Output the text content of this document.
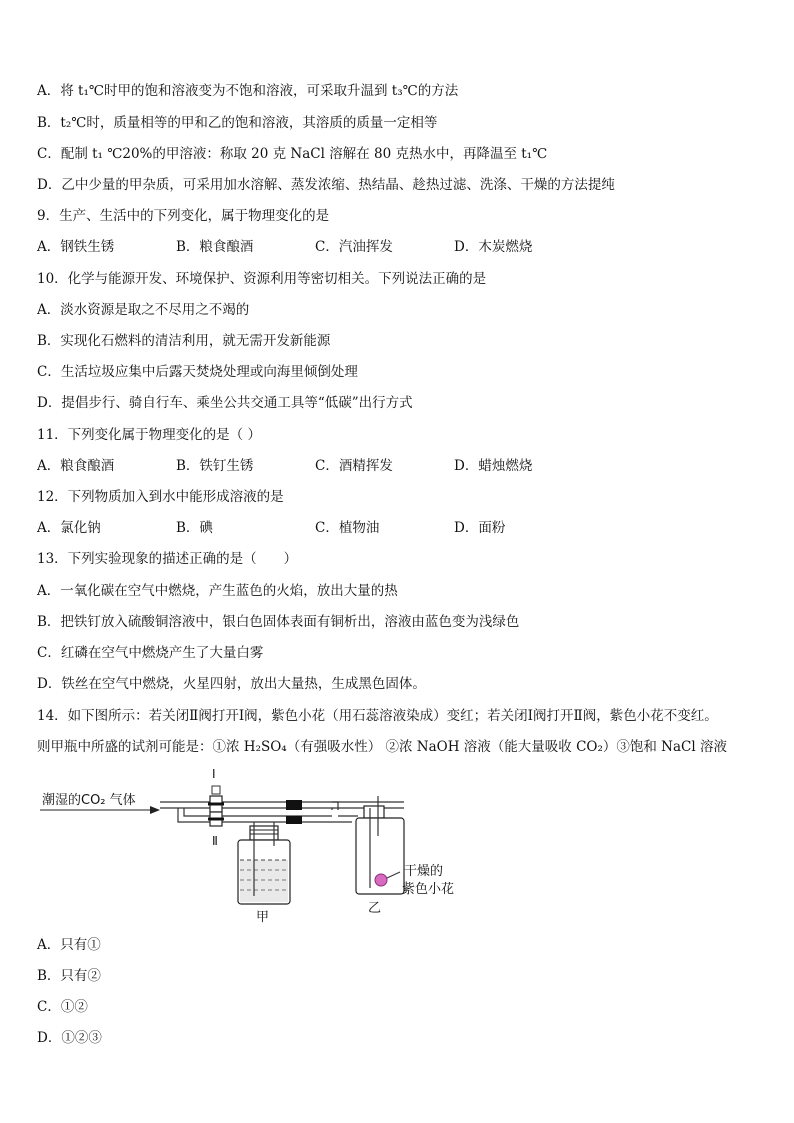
A．将 t₁℃时甲的饱和溶液变为不饱和溶液，可采取升温到 t₃℃的方法
B．t₂℃时，质量相等的甲和乙的饱和溶液，其溶质的质量一定相等
C．配制 t₁ ℃20%的甲溶液：称取 20 克 NaCl 溶解在 80 克热水中，再降温至 t₁℃
D．乙中少量的甲杂质，可采用加水溶解、蒸发浓缩、热结晶、趁热过滤、洗涤、干燥的方法提纯
9．生产、生活中的下列变化，属于物理变化的是
A．钢铁生锈	B．粮食酿酒	C．汽油挥发	D．木炭燃烧
10．化学与能源开发、环境保护、资源利用等密切相关。下列说法正确的是
A．淡水资源是取之不尽用之不竭的
B．实现化石燃料的清洁利用，就无需开发新能源
C．生活垃圾应集中后露天焚烧处理或向海里倾倒处理
D．提倡步行、骑自行车、乘坐公共交通工具等“低碳”出行方式
11．下列变化属于物理变化的是（ ）
A．粮食酿酒	B．铁钉生锈	C．酒精挥发	D．蜡烛燃烧
12．下列物质加入到水中能形成溶液的是
A．氯化钠	B．碘	C．植物油	D．面粉
13．下列实验现象的描述正确的是（　　）
A．一氧化碳在空气中燃烧，产生蓝色的火焰，放出大量的热
B．把铁钉放入硫酸铜溶液中，银白色固体表面有铜析出，溶液由蓝色变为浅绿色
C．红磷在空气中燃烧产生了大量白雾
D．铁丝在空气中燃烧，火星四射，放出大量热，生成黑色固体。
14．如下图所示：若关闭Ⅱ阀打开Ⅰ阀，紫色小花（用石蕊溶液染成）变红；若关闭Ⅰ阀打开Ⅱ阀，紫色小花不变红。
则甲瓶中所盛的试剂可能是：①浓 H₂SO₄（有强吸水性） ②浓 NaOH 溶液（能大量吸收 CO₂）③饱和 NaCl 溶液
潮湿的CO₂ 气体
Ⅰ
Ⅱ
甲
干燥的
紫色小花
乙
A．只有①
B．只有②
C．①②
D．①②③
